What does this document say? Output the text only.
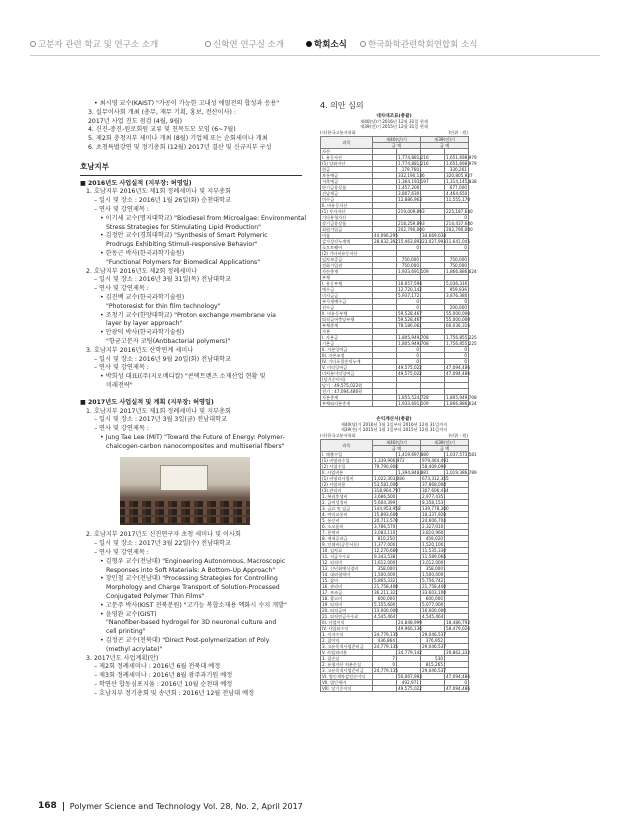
고분자 관련 학교 및 연구소 소개	신학연 연구실 소개	학회소식 한국화학관련학회연합회 소식
• 최시영 교수(KAIST) "가공이 가능한 고내성 에멀전의 합성과 응용"
3. 실무이사회 개최 (총무, 재무 기획, 홍보, 전산이사) :
2017년 사업 진도 점검 (4월, 9월)
4. 신진-중진-원로회원 교류 및 친목도모 모임 (6~7월)
5. 제2회 충청지부 세미나 개최 (8월) 기업체 또는 순회세미나 개최
6. 초청특별강연 및 정기총회 (12월) 2017년 결산 및 신규지부 구성
호남지부
■ 2016년도 사업실적 (지부장: 허영일)
1. 호남지부 2016년도 제1회 정례세미나 및 지부총회
– 일시 및 장소 : 2016년 1월 26일(화) 순천대학교
– 연사 및 강연제목 :
• 이기세 교수(명지대학교) "Biodiesel from Microalgae: Environmental
Stress Strategies for Stimulating Lipid Production"
• 김정안 교수(경희대학교) "Synthesis of Smart Polymeric
Prodrugs Exhibiting Stimuli-responsive Behavior"
• 한동근 박사(한국과학기술원)
"Functional Polymers for Biomedical Applications"
2. 호남지부 2016년도 제2회 정례세미나
– 일시 및 장소 : 2016년 3월 31일(목) 전남대학교
– 연사 및 강연제목 :
• 김진백 교수(한국과학기술원)
"Photoresist for thin film technology"
• 조청기 교수(한양대학교) "Proton exchange membrane via
layer by layer approach"
• 안광덕 박사(한국과학기술원)
"항균고분자 코팅(Antibacterial polymers)"
3. 호남지부 2016년도 산학연계 세미나
– 일시 및 장소 : 2016년 9월 20일(화) 전남대학교
– 연사 및 강연제목 :
• 박희성 대표((주)지오메디칼) "콘택트렌즈 소재산업 현황 및
미래전략"
■ 2017년도 사업실적 및 계획 (지부장: 허영일)
1. 호남지부 2017년도 제1회 정례세미나 및 지부총회
– 일시 및 장소 : 2017년 3월 3일(금) 전남대학교
– 연사 및 강연제목 :
• Jung Tae Lee (MIT) "Toward the Future of Energy: Polymer-
chalcogen-carbon nanocomposites and multiserial fibers"
2. 호남지부 2017년도 신진연구자 초청 세미나 및 이사회
– 일시 및 장소 : 2017년 3월 22일(수) 전남대학교
– 연사 및 강연제목 :
• 김형우 교수(전남대) "Engineering Autonomous, Macroscopic
Responses into Soft Materials: A Bottom-Up Approach"
• 장민철 교수(전남대) "Processing Strategies for Controlling
Morphology and Charge Transport of Solution-Processed
Conjugated Polymer Thin Films"
• 고문주 박사(KIST 전북분원) "고기능 복합소재용 액화시 수지 개발"
• 윤영완 교수(GIST)
"Nanofiber-based hydrogel for 3D neuronal culture and
cell printing"
• 김정곤 교수(전북대) "Direct Post-polymerization of Poly
(methyl acrylate)"
3. 2017년도 사업계획(안)
– 제2회 정례세미나 : 2016년 6월 전북대 예정
– 제3회 정례세미나 : 2016년 8월 광주과기원 예정
– 학연산 합동심포지움 : 2016년 10월 순천대 예정
– 호남지부 정기총회 및 송년회 : 2016년 12월 전남대 예정
4. 의안 심의
대차대조표(총괄)
제40(당)기 2016년 12월 31일 현재
제39(전)기 2015년 12월 31일 현재
(사)한국고분자학회	(단위 : 원)
과목	제40(당)기		제39(전)기	
	금 액		금 액	
자산				
I. 유동자산		1,774,881,216		1,651,698,979
(1) 당좌자산		1,774,881,216		1,651,698,979
현금		179,760		330,261
보통예금		332,190,136		320,805,927
저축예금		1,364,193,197		1,314,145,838
단기금융상품		1,457,200		677,000
선납세금		3,807,630		4,464,650
미수금		12,886,963		11,555,170
II. 비유동자산				
(1) 투자자산		219,009,893		225,187,640
기타유형자산				0
장기금융상품		218,259,893		214,437,640
회원가입금		202,790,000		202,790,000
비품	44,096,295		34,669,038	
감가상각누계액	28,632,392	15,463,893	23,027,993	11,641,045
소프트웨어		0		0
(2) 기타비유동자산				
임차보증금		750,000		750,000
전화가입권		750,000		750,000
자산총계		1,933,691,109		1,866,886,624
부채				
I. 유동부채		18,657,594		5,036,316
예수금		12,720,142		959,936
미지급금		5,937,172		3,876,380
부가세예수금		0		0
선수금		0		200,000
II. 비유동부채		59,528,467		55,000,000
퇴직급여충당부채		59,528,467		55,000,000
부채총계		78,186,061		60,036,316
자본				
I. 자본금		1,805,949,708		1,756,855,225
기본금		1,805,949,708		1,756,855,225
II. 자본잉여금		0		0
III. 자본조정		0		0
IV. 기타포괄손익누계		0		0
V. 이익잉여금		49,575,022		47,094,486
미처분이익잉여금		49,575,022		47,094,486
(당기순이익)				
당기 : 49,575,022원				
전기 : 47,094,486원				
자본총계		1,855,524,728		1,805,949,708
부채와자본총계		1,933,691,109		1,866,886,624
손익계산서(총괄)
제40(당)기 2016년 1월 1일부터 2016년 12월 31일까지
제39(전)기 2015년 1월 1일부터 2015년 12월 31일까지
(사)한국고분자학회	(단위 : 원)
과목	제40(당)기		제39(전)기	
	금 액		금 액	
I. 매출수입		1,419,697,880		1,037,573,581
(1) 비영리수입	1,339,906,972		979,464,491	
(2) 사업수입	79,790,908		58,409,090	
II. 사업비용		1,394,848,881		1,019,386,789
(1) 비영리사업비	1,022,303,086		673,312,355	
(2) 사업비용	53,581,000		37,868,000	
(3) 관리비	318,964,797		307,606,434	
1. 복리후생비	3,686,500		2,977,435	
2. 급여성경비	5,604,399		8,358,153	
3. 급료 및 임금	144,953,958		139,778,300	
4. 여비교통비	15,893,600		10,337,920	
5. 통신비	20,713,570		24,606,704	
6. 소모품비	3,786,570		2,327,010	
7. 용역비	3,083,110		3,810,960	
8. 제세공과금	810,250		459,020	
9. 인쇄비(공문서등)	1,377,000		1,520,100	
10. 임차료	12,270,660		11,535,330	
11. 지급수수료	9,343,538		11,589,066	
12. 퇴직비	1,612,000		3,012,000	
13. 신년회예식경비	358,000		358,000	
14. 대외협력비	1,500,000		1,500,000	
15. 잡비	5,865,332		5,756,742	
16. 관리비	21,758,400		21,758,400	
17. 보조금	36,211,321		33,603,100	
18. 광고비	600,000		600,000	
19. 퇴직비	5,155,600		5,077,000	
20. 퇴직급여	13,000,000		16,600,000	
21. 퇴직연금수수료	4,545,464		4,545,464	
III. 사업이익		24,848,999		18,486,792
IV. 사업외수익		49,966,136		58,479,026
1. 이자수익	24,779,135		29,046,537	
2. 잡이익	436,864		376,952	
3. 고유목적사업준비금	24,779,135		29,046,537	
V. 사업외비용		24,779,142		29,862,332
1. 잡손실	7		530	
2. 유형자산 처분손실	0		815,265	
3. 고유목적사업준비금	24,779,135		29,046,537	
VI. 법인세차감전순이익		50,067,993		47,094,486
VII. 법인세비		492,971		0
VIII. 당기순이익		49,575,022		47,094,486
168 Polymer Science and Technology Vol. 28, No. 2, April 2017
